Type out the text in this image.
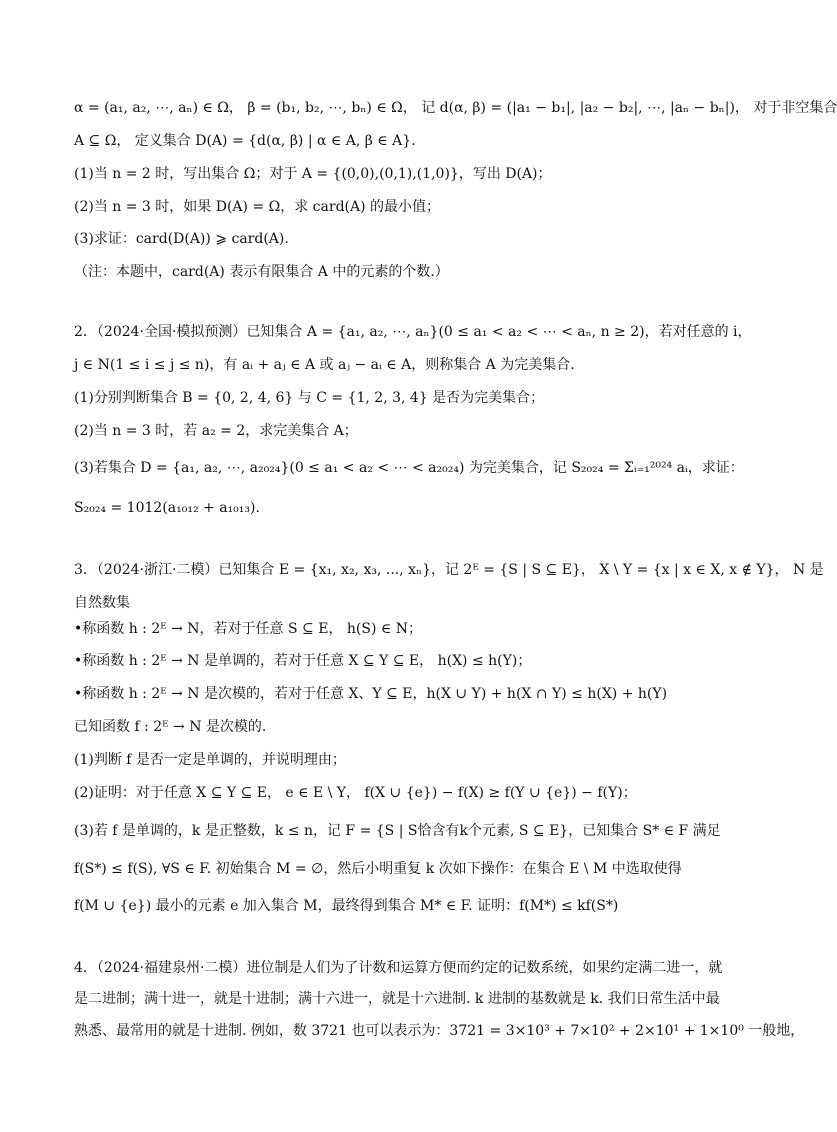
α = (a₁, a₂, ⋯, aₙ) ∈ Ω， β = (b₁, b₂, ⋯, bₙ) ∈ Ω， 记 d(α, β) = (|a₁ − b₁|, |a₂ − b₂|, ⋯, |aₙ − bₙ|)， 对于非空集合
A ⊆ Ω， 定义集合 D(A) = {d(α, β) | α ∈ A, β ∈ A}.
(1)当 n = 2 时，写出集合 Ω；对于 A = {(0,0),(0,1),(1,0)}，写出 D(A)；
(2)当 n = 3 时，如果 D(A) = Ω，求 card(A) 的最小值；
(3)求证：card(D(A)) ⩾ card(A).
（注：本题中，card(A) 表示有限集合 A 中的元素的个数.）
2．（2024·全国·模拟预测）已知集合 A = {a₁, a₂, ⋯, aₙ}(0 ≤ a₁ < a₂ < ⋯ < aₙ, n ≥ 2)，若对任意的 i，
j ∈ N(1 ≤ i ≤ j ≤ n)，有 aᵢ + aⱼ ∈ A 或 aⱼ − aᵢ ∈ A，则称集合 A 为完美集合.
(1)分别判断集合 B = {0, 2, 4, 6} 与 C = {1, 2, 3, 4} 是否为完美集合；
(2)当 n = 3 时，若 a₂ = 2，求完美集合 A；
(3)若集合 D = {a₁, a₂, ⋯, a₂₀₂₄}(0 ≤ a₁ < a₂ < ⋯ < a₂₀₂₄) 为完美集合，记 S₂₀₂₄ = Σᵢ₌₁²⁰²⁴ aᵢ，求证：
S₂₀₂₄ = 1012(a₁₀₁₂ + a₁₀₁₃).
3．（2024·浙江·二模）已知集合 E = {x₁, x₂, x₃, ..., xₙ}，记 2ᴱ = {S | S ⊆ E}， X \ Y = {x | x ∈ X, x ∉ Y}， N 是
自然数集
•称函数 h : 2ᴱ → N，若对于任意 S ⊆ E， h(S) ∈ N；
•称函数 h : 2ᴱ → N 是单调的，若对于任意 X ⊆ Y ⊆ E， h(X) ≤ h(Y)；
•称函数 h : 2ᴱ → N 是次模的，若对于任意 X、Y ⊆ E，h(X ∪ Y) + h(X ∩ Y) ≤ h(X) + h(Y)
已知函数 f : 2ᴱ → N 是次模的.
(1)判断 f 是否一定是单调的，并说明理由；
(2)证明：对于任意 X ⊆ Y ⊆ E， e ∈ E \ Y， f(X ∪ {e}) − f(X) ≥ f(Y ∪ {e}) − f(Y)；
(3)若 f 是单调的，k 是正整数，k ≤ n，记 F = {S | S恰含有k个元素, S ⊆ E}，已知集合 S* ∈ F 满足
f(S*) ≤ f(S), ∀S ∈ F. 初始集合 M = ∅，然后小明重复 k 次如下操作：在集合 E \ M 中选取使得
f(M ∪ {e}) 最小的元素 e 加入集合 M，最终得到集合 M* ∈ F. 证明：f(M*) ≤ kf(S*)
4．（2024·福建泉州·二模）进位制是人们为了计数和运算方便而约定的记数系统，如果约定满二进一，就
是二进制；满十进一，就是十进制；满十六进一，就是十六进制. k 进制的基数就是 k. 我们日常生活中最
熟悉、最常用的就是十进制. 例如，数 3721 也可以表示为：3721 = 3×10³ + 7×10² + 2×10¹ + 1×10⁰ 一般地，
